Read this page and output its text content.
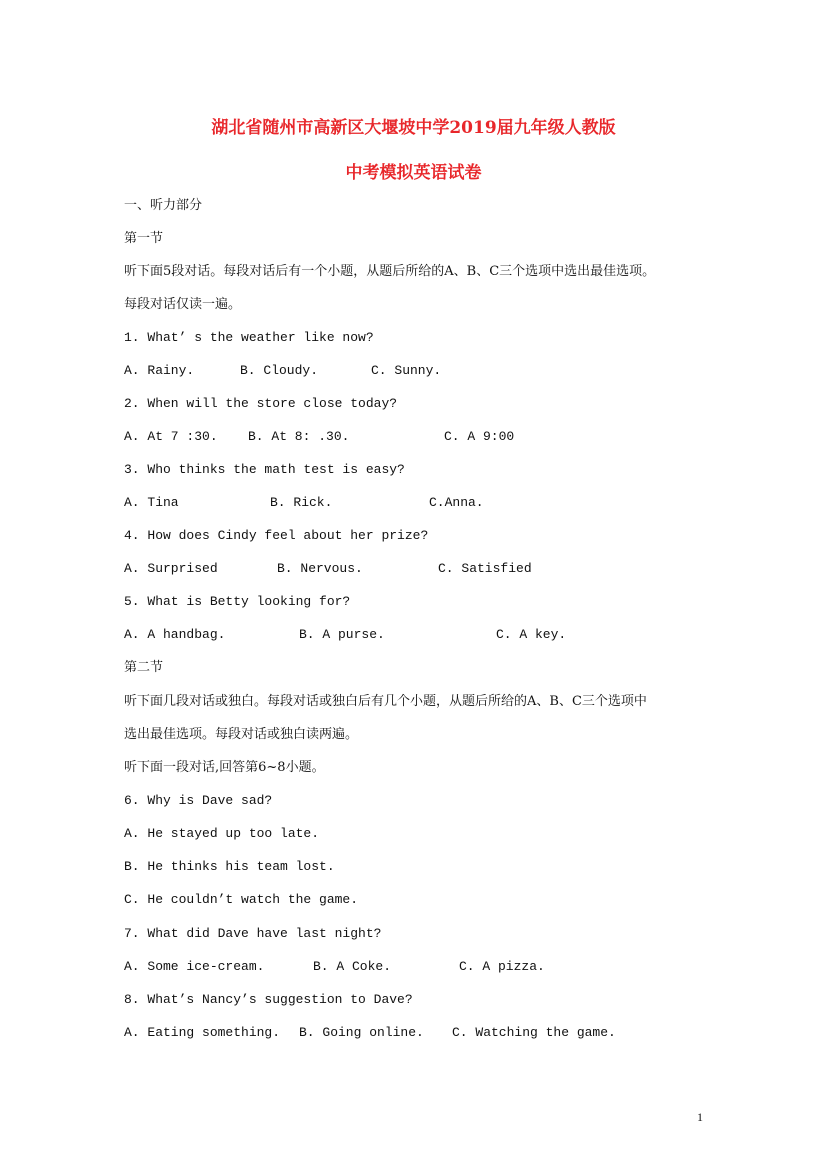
湖北省随州市高新区大堰坡中学2019届九年级人教版
中考模拟英语试卷
一、听力部分
第一节
听下面5段对话。每段对话后有一个小题，从题后所给的A、B、C三个选项中选出最佳选项。
每段对话仅读一遍。
1. What’ s the weather like now?
A. Rainy.	B. Cloudy.	C. Sunny.
2. When will the store close today?
A. At 7 :30. B. At 8: .30.	C. A 9:00
3. Who thinks the math test is easy?
A. Tina	B. Rick.	C.Anna.
4. How does Cindy feel about her prize?
A. Surprised	B. Nervous.	C. Satisfied
5. What is Betty looking for?
A. A handbag.	B. A purse.	C. A key.
第二节
听下面几段对话或独白。每段对话或独白后有几个小题，从题后所给的A、B、C三个选项中
选出最佳选项。每段对话或独白读两遍。
听下面一段对话,回答第6~8小题。
6. Why is Dave sad?
A. He stayed up too late.
B. He thinks his team lost.
C. He couldn’t watch the game.
7. What did Dave have last night?
A. Some ice-cream.	B. A Coke.	C. A pizza.
8. What’s Nancy’s suggestion to Dave?
A. Eating something. B. Going online. C. Watching the game.
1
